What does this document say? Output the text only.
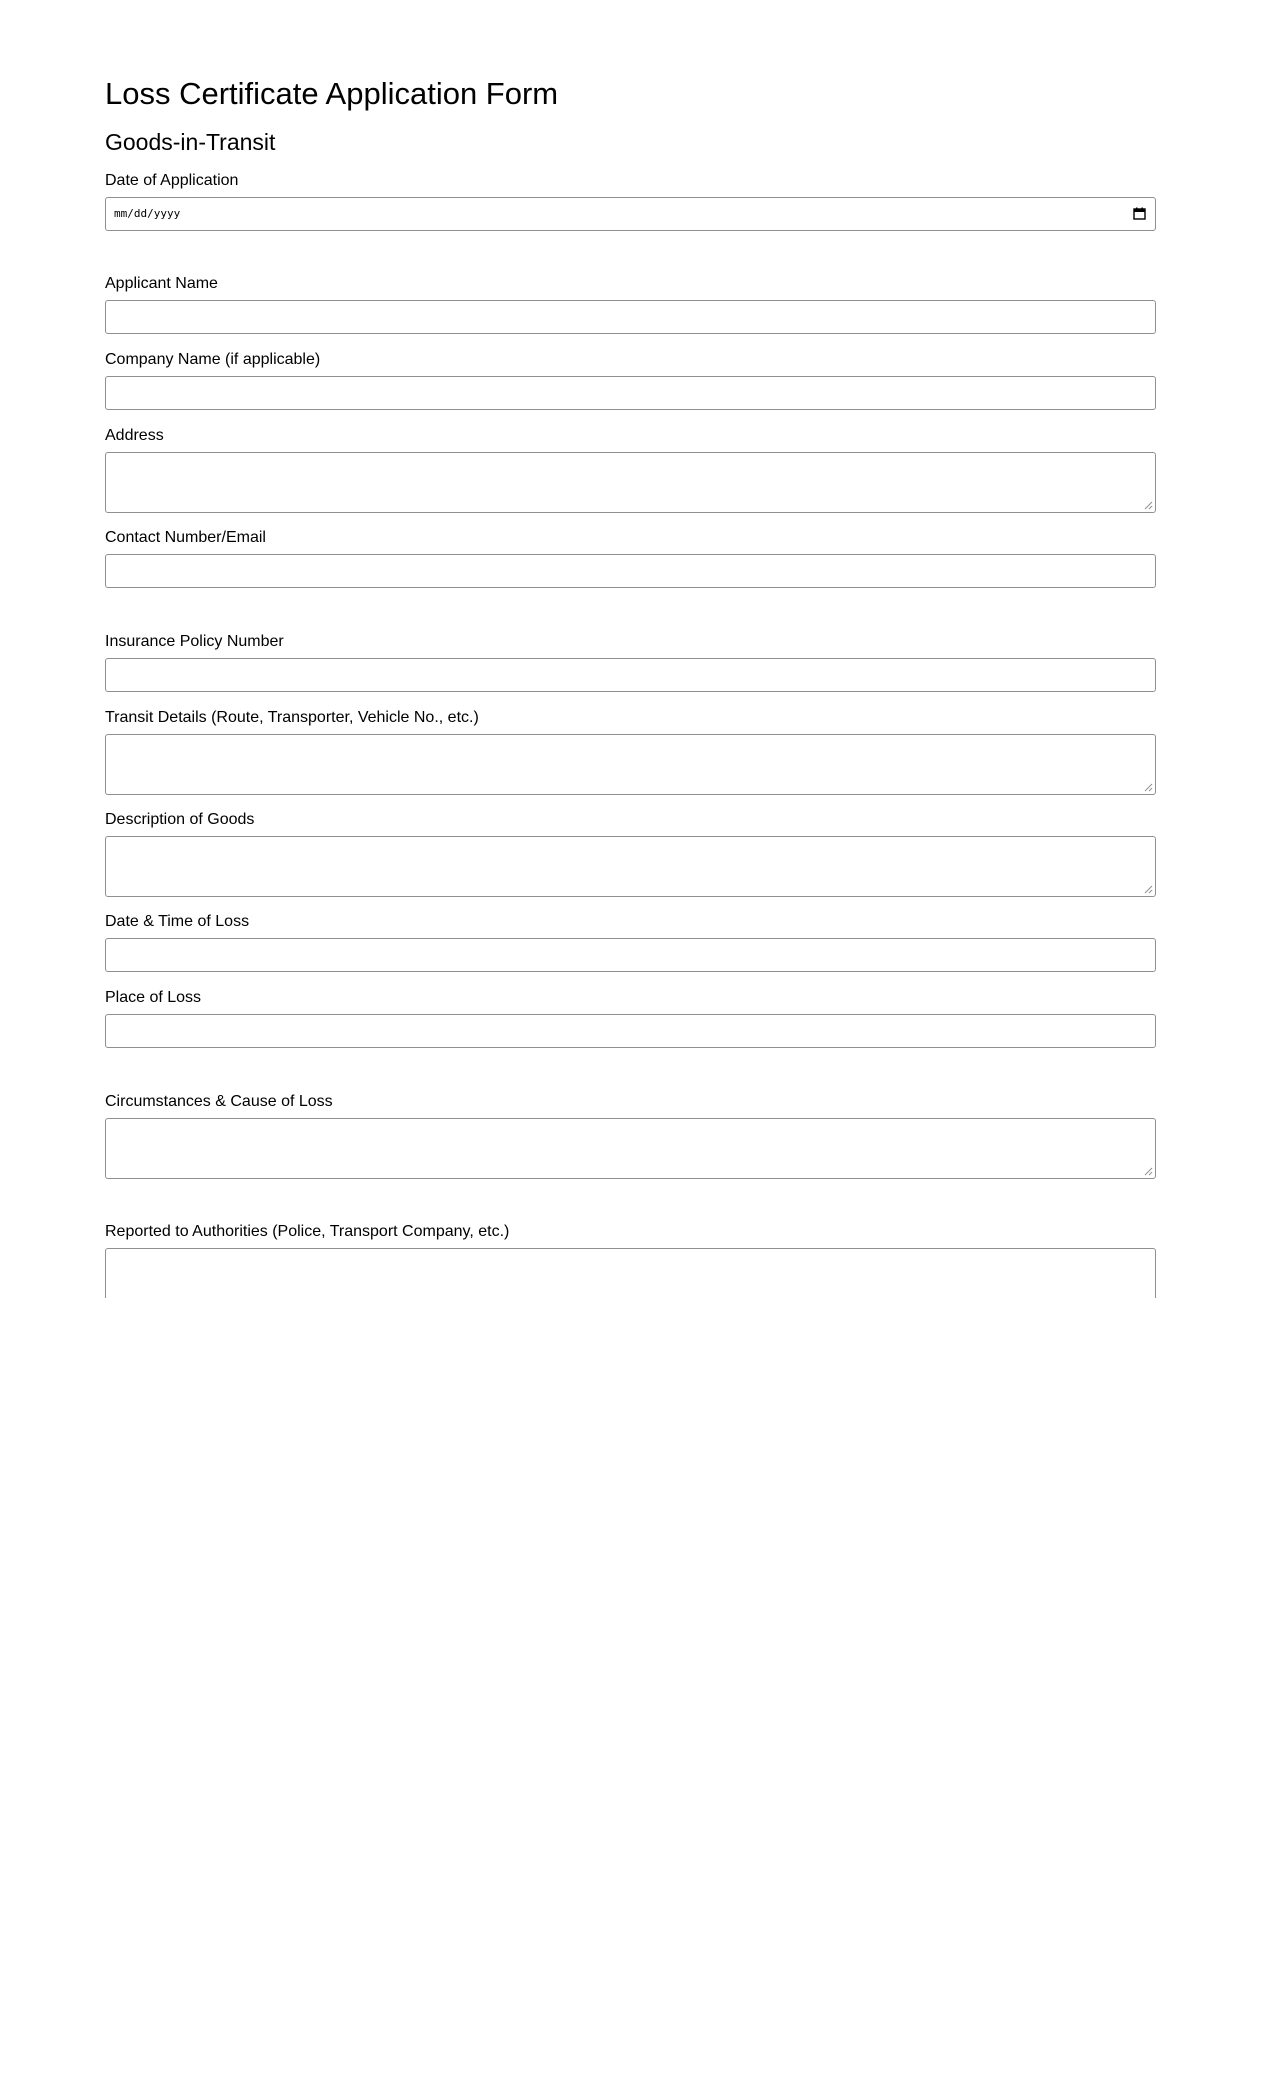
Loss Certificate Application Form
Goods-in-Transit
Date of Application
mm/dd/yyyy
Applicant Name
Company Name (if applicable)
Address
Contact Number/Email
Insurance Policy Number
Transit Details (Route, Transporter, Vehicle No., etc.)
Description of Goods
Date & Time of Loss
Place of Loss
Circumstances & Cause of Loss
Reported to Authorities (Police, Transport Company, etc.)
